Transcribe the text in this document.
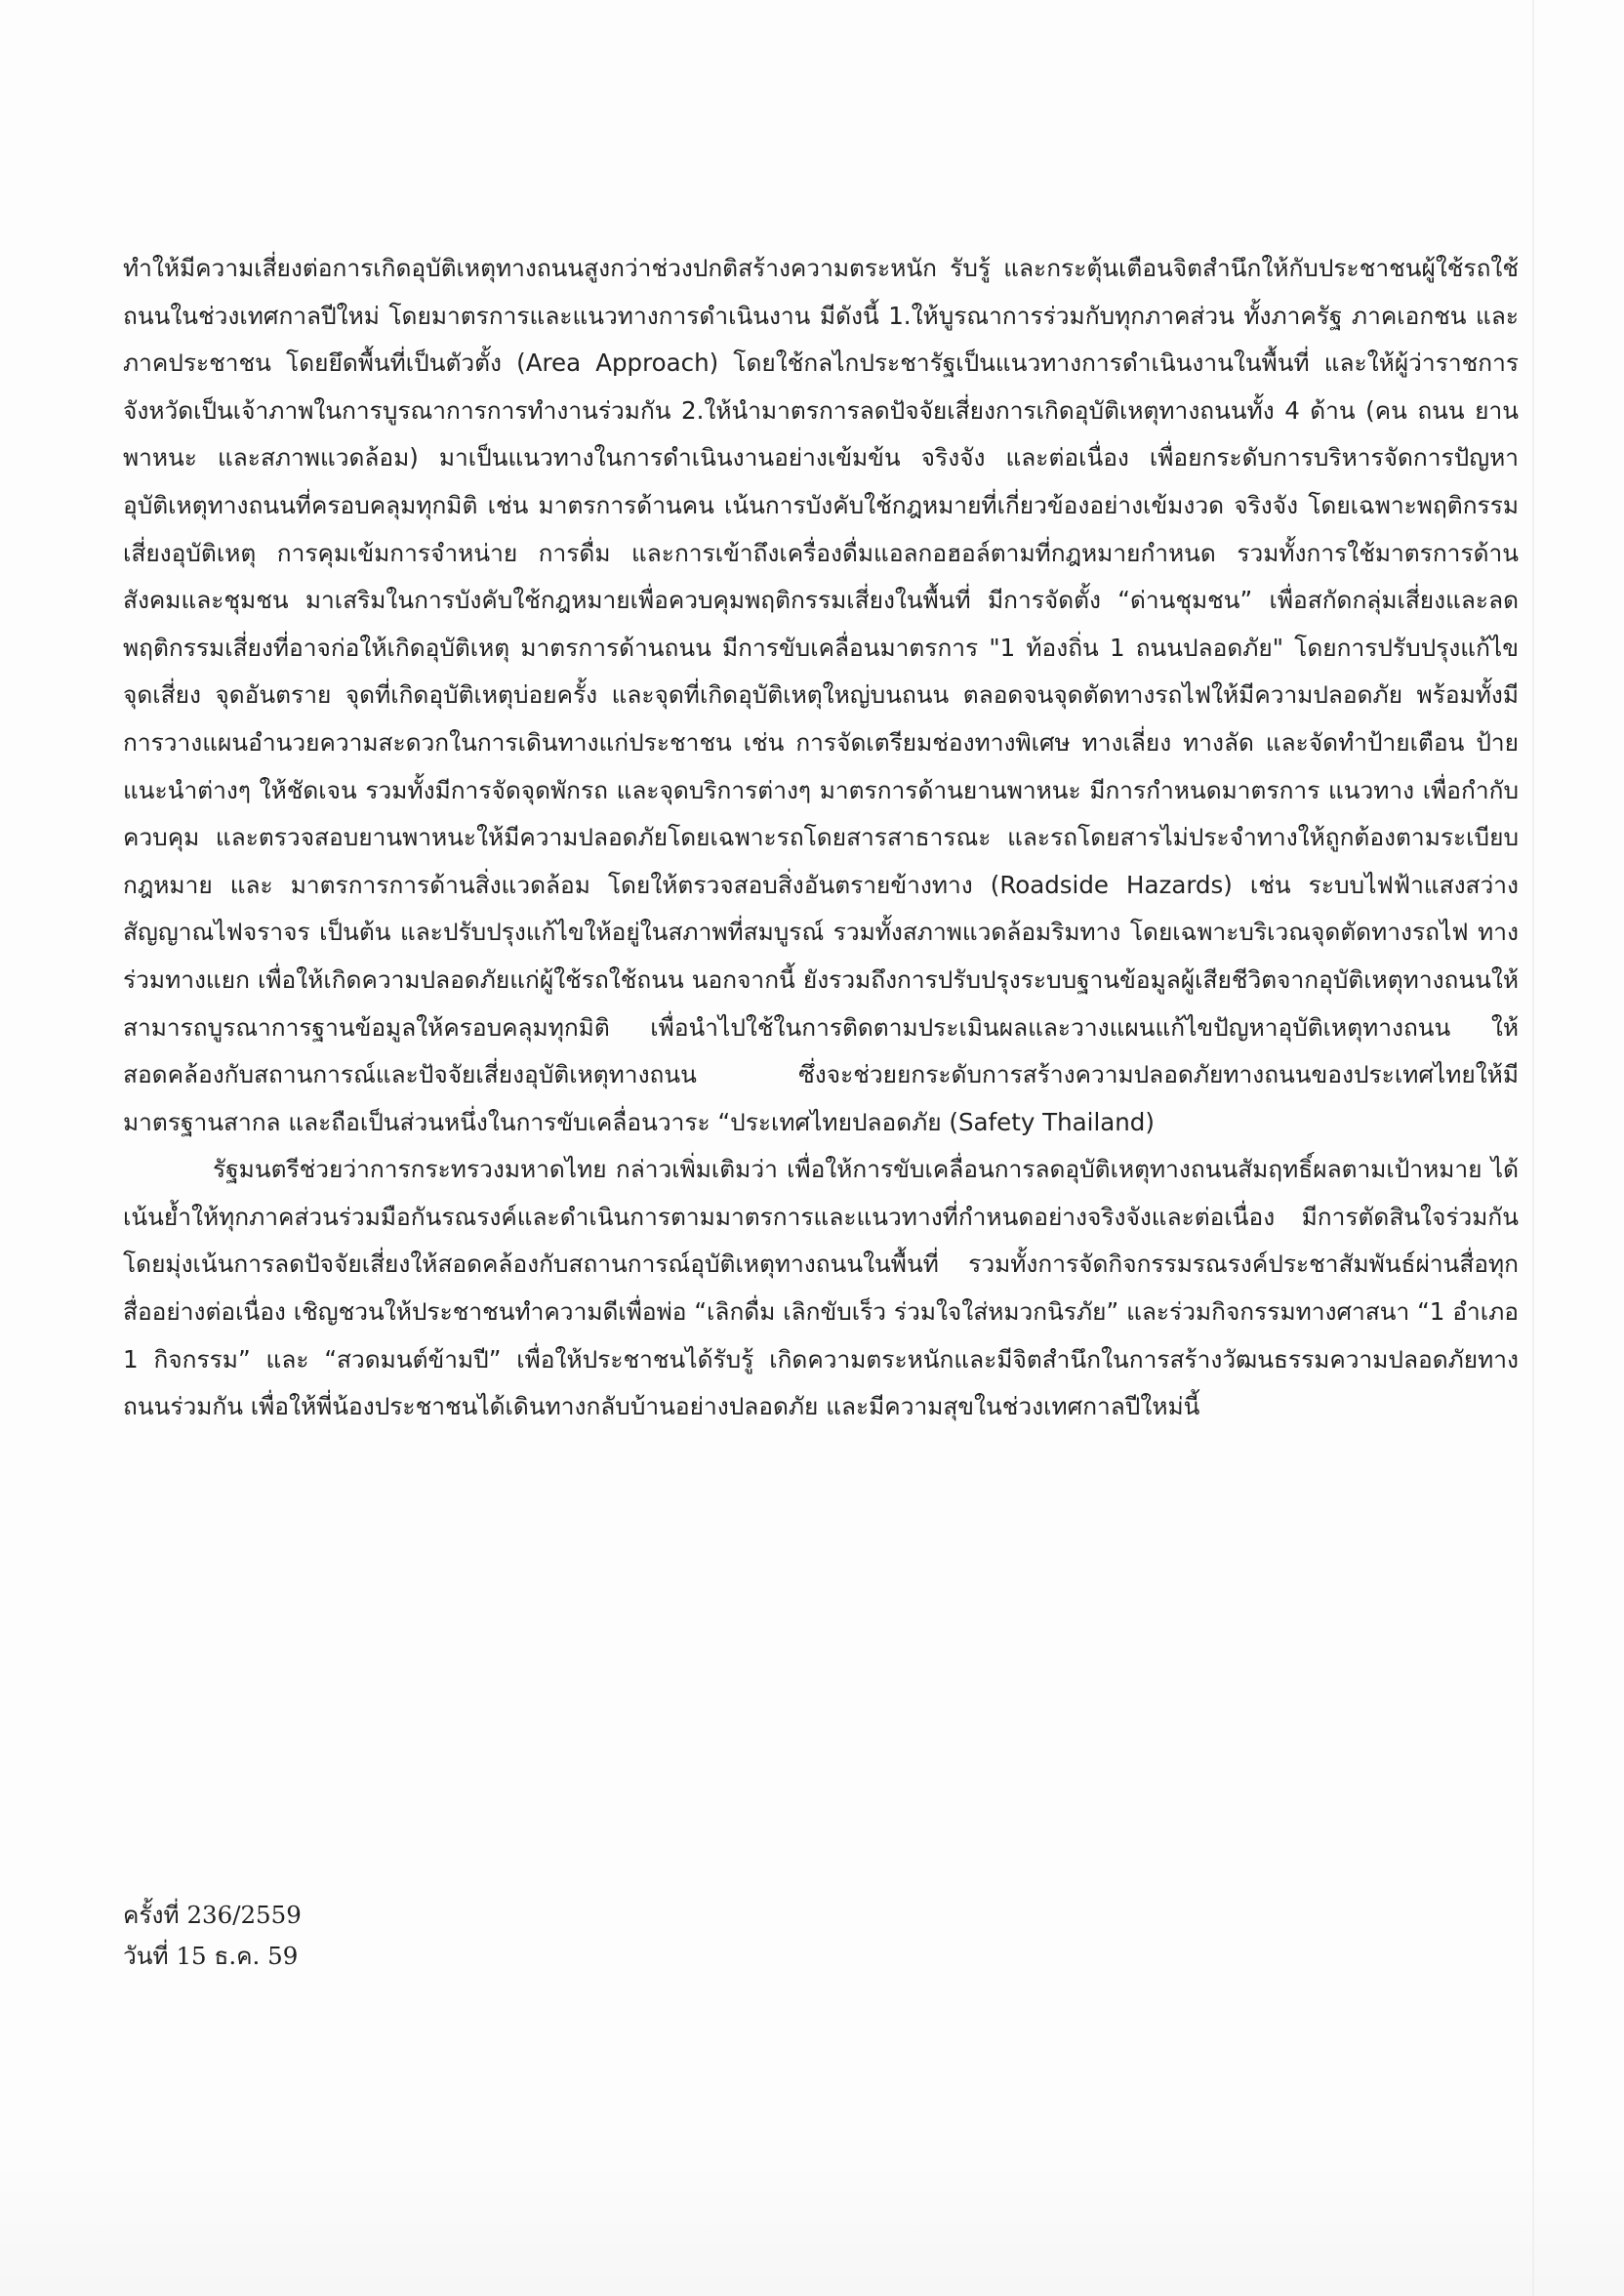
ทำให้มีความเสี่ยงต่อการเกิดอุบัติเหตุทางถนนสูงกว่าช่วงปกติสร้างความตระหนัก รับรู้ และกระตุ้นเตือนจิตสำนึกให้กับประชาชนผู้ใช้รถใช้ถนนในช่วงเทศกาลปีใหม่ โดยมาตรการและแนวทางการดำเนินงาน มีดังนี้ 1.ให้บูรณาการร่วมกับทุกภาคส่วน ทั้งภาครัฐ ภาคเอกชน และภาคประชาชน โดยยึดพื้นที่เป็นตัวตั้ง (Area Approach) โดยใช้กลไกประชารัฐเป็นแนวทางการดำเนินงานในพื้นที่ และให้ผู้ว่าราชการจังหวัดเป็นเจ้าภาพในการบูรณาการการทำงานร่วมกัน 2.ให้นำมาตรการลดปัจจัยเสี่ยงการเกิดอุบัติเหตุทางถนนทั้ง 4 ด้าน (คน ถนน ยานพาหนะ และสภาพแวดล้อม) มาเป็นแนวทางในการดำเนินงานอย่างเข้มข้น จริงจัง และต่อเนื่อง เพื่อยกระดับการบริหารจัดการปัญหาอุบัติเหตุทางถนนที่ครอบคลุมทุกมิติ เช่น มาตรการด้านคน เน้นการบังคับใช้กฎหมายที่เกี่ยวข้องอย่างเข้มงวด จริงจัง โดยเฉพาะพฤติกรรมเสี่ยงอุบัติเหตุ การคุมเข้มการจำหน่าย การดื่ม และการเข้าถึงเครื่องดื่มแอลกอฮอล์ตามที่กฎหมายกำหนด รวมทั้งการใช้มาตรการด้านสังคมและชุมชน มาเสริมในการบังคับใช้กฎหมายเพื่อควบคุมพฤติกรรมเสี่ยงในพื้นที่ มีการจัดตั้ง “ด่านชุมชน” เพื่อสกัดกลุ่มเสี่ยงและลดพฤติกรรมเสี่ยงที่อาจก่อให้เกิดอุบัติเหตุ มาตรการด้านถนน มีการขับเคลื่อนมาตรการ "1 ท้องถิ่น 1 ถนนปลอดภัย" โดยการปรับปรุงแก้ไขจุดเสี่ยง จุดอันตราย จุดที่เกิดอุบัติเหตุบ่อยครั้ง และจุดที่เกิดอุบัติเหตุใหญ่บนถนน ตลอดจนจุดตัดทางรถไฟให้มีความปลอดภัย พร้อมทั้งมีการวางแผนอำนวยความสะดวกในการเดินทางแก่ประชาชน เช่น การจัดเตรียมช่องทางพิเศษ ทางเลี่ยง ทางลัด และจัดทำป้ายเตือน ป้ายแนะนำต่างๆ ให้ชัดเจน รวมทั้งมีการจัดจุดพักรถ และจุดบริการต่างๆ มาตรการด้านยานพาหนะ มีการกำหนดมาตรการ แนวทาง เพื่อกำกับควบคุม และตรวจสอบยานพาหนะให้มีความปลอดภัยโดยเฉพาะรถโดยสารสาธารณะ และรถโดยสารไม่ประจำทางให้ถูกต้องตามระเบียบ กฎหมาย และ มาตรการการด้านสิ่งแวดล้อม โดยให้ตรวจสอบสิ่งอันตรายข้างทาง (Roadside Hazards) เช่น ระบบไฟฟ้าแสงสว่าง สัญญาณไฟจราจร เป็นต้น และปรับปรุงแก้ไขให้อยู่ในสภาพที่สมบูรณ์ รวมทั้งสภาพแวดล้อมริมทาง โดยเฉพาะบริเวณจุดตัดทางรถไฟ ทางร่วมทางแยก เพื่อให้เกิดความปลอดภัยแก่ผู้ใช้รถใช้ถนน นอกจากนี้ ยังรวมถึงการปรับปรุงระบบฐานข้อมูลผู้เสียชีวิตจากอุบัติเหตุทางถนนให้สามารถบูรณาการฐานข้อมูลให้ครอบคลุมทุกมิติ เพื่อนำไปใช้ในการติดตามประเมินผลและวางแผนแก้ไขปัญหาอุบัติเหตุทางถนน ให้สอดคล้องกับสถานการณ์และปัจจัยเสี่ยงอุบัติเหตุทางถนน ซึ่งจะช่วยยกระดับการสร้างความปลอดภัยทางถนนของประเทศไทยให้มีมาตรฐานสากล และถือเป็นส่วนหนึ่งในการขับเคลื่อนวาระ “ประเทศไทยปลอดภัย (Safety Thailand)

รัฐมนตรีช่วยว่าการกระทรวงมหาดไทย กล่าวเพิ่มเติมว่า เพื่อให้การขับเคลื่อนการลดอุบัติเหตุทางถนนสัมฤทธิ์ผลตามเป้าหมาย ได้เน้นย้ำให้ทุกภาคส่วนร่วมมือกันรณรงค์และดำเนินการตามมาตรการและแนวทางที่กำหนดอย่างจริงจังและต่อเนื่อง มีการตัดสินใจร่วมกัน โดยมุ่งเน้นการลดปัจจัยเสี่ยงให้สอดคล้องกับสถานการณ์อุบัติเหตุทางถนนในพื้นที่ รวมทั้งการจัดกิจกรรมรณรงค์ประชาสัมพันธ์ผ่านสื่อทุกสื่ออย่างต่อเนื่อง เชิญชวนให้ประชาชนทำความดีเพื่อพ่อ “เลิกดื่ม เลิกขับเร็ว ร่วมใจใส่หมวกนิรภัย” และร่วมกิจกรรมทางศาสนา “1 อำเภอ 1 กิจกรรม” และ “สวดมนต์ข้ามปี” เพื่อให้ประชาชนได้รับรู้ เกิดความตระหนักและมีจิตสำนึกในการสร้างวัฒนธรรมความปลอดภัยทางถนนร่วมกัน เพื่อให้พี่น้องประชาชนได้เดินทางกลับบ้านอย่างปลอดภัย และมีความสุขในช่วงเทศกาลปีใหม่นี้

ครั้งที่ 236/2559

วันที่ 15 ธ.ค. 59
